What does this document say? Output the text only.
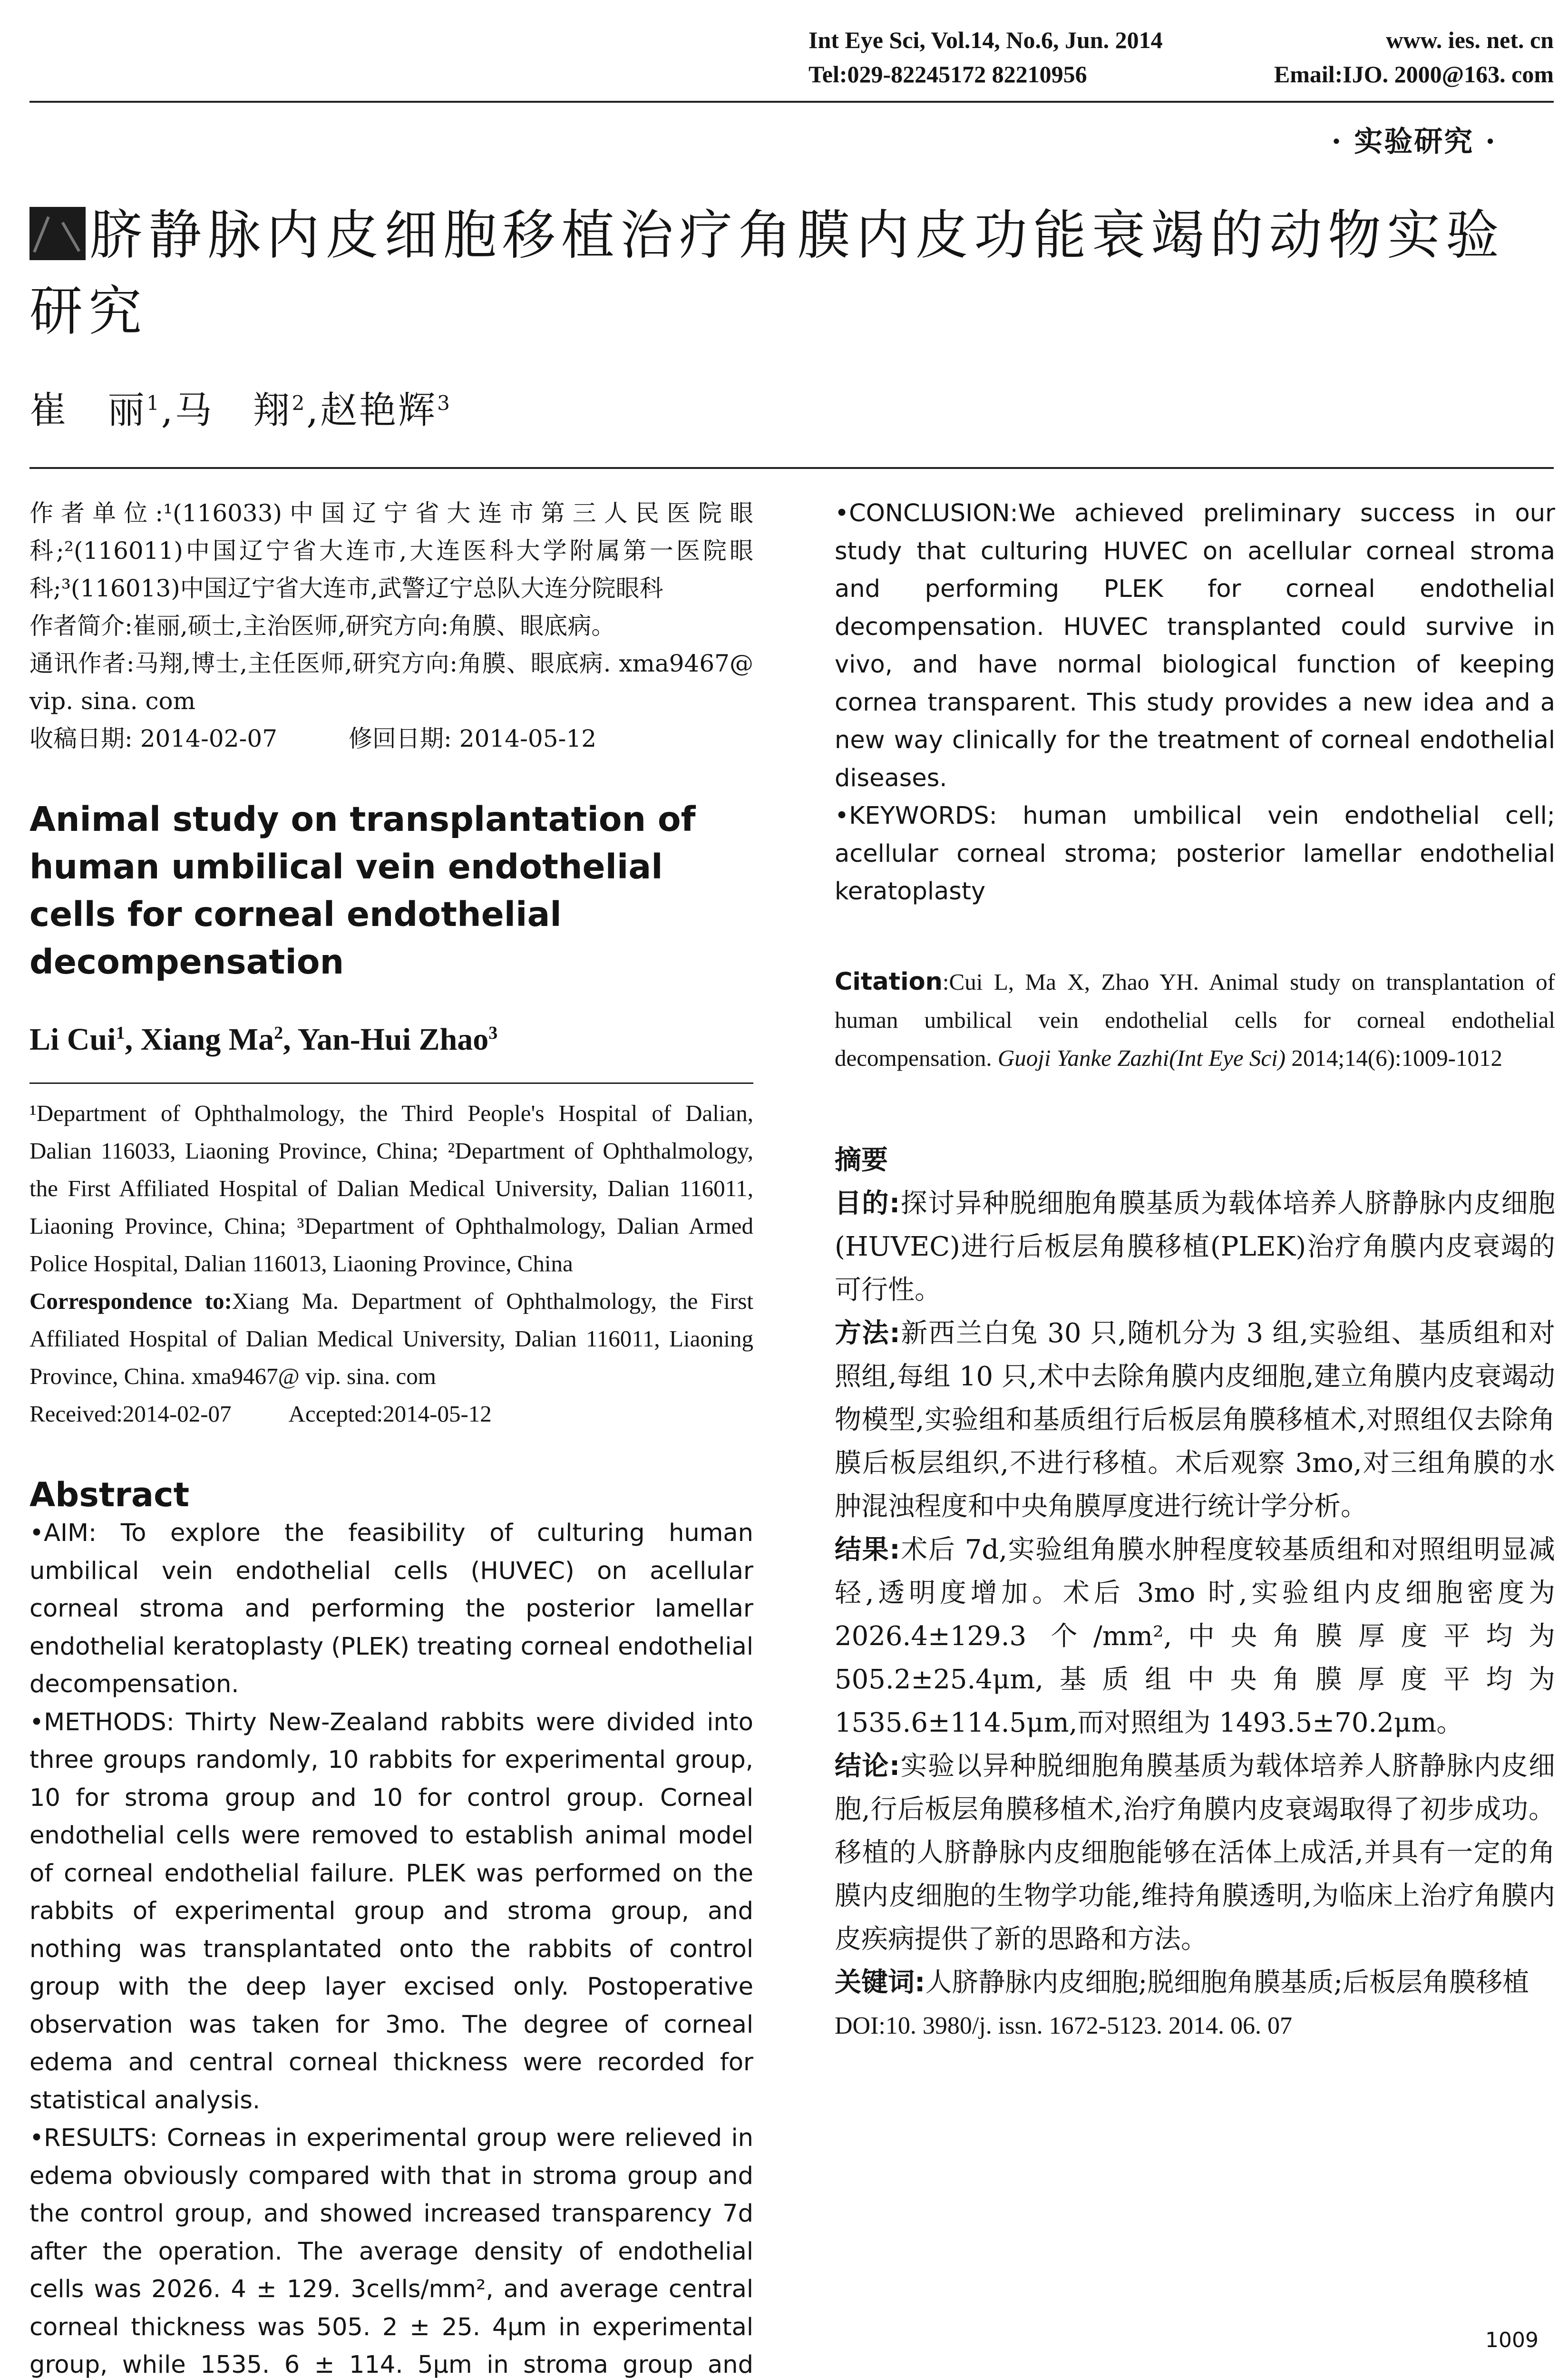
Int Eye Sci, Vol.14, No.6, Jun. 2014	www. ies. net. cn
Tel:029-82245172 82210956	Email:IJO. 2000@163. com
· 实验研究 ·
脐静脉内皮细胞移植治疗角膜内皮功能衰竭的动物实验研究
崔　丽$^1$,马　翔$^2$,赵艳辉$^3$

作者单位:¹(116033)中国辽宁省大连市第三人民医院眼科;²(116011)中国辽宁省大连市,大连医科大学附属第一医院眼科;³(116013)中国辽宁省大连市,武警辽宁总队大连分院眼科

作者简介:崔丽,硕士,主治医师,研究方向:角膜、眼底病。

通讯作者:马翔,博士,主任医师,研究方向:角膜、眼底病. xma9467@ vip. sina. com

收稿日期: 2014-02-07	修回日期: 2014-05-12

Animal study on transplantation of human umbilical vein endothelial cells for corneal endothelial decompensation
Li Cui$^1$, Xiang Ma$^2$, Yan-Hui Zhao$^3$

¹Department of Ophthalmology, the Third People's Hospital of Dalian, Dalian 116033, Liaoning Province, China; ²Department of Ophthalmology, the First Affiliated Hospital of Dalian Medical University, Dalian 116011, Liaoning Province, China; ³Department of Ophthalmology, Dalian Armed Police Hospital, Dalian 116013, Liaoning Province, China

Correspondence to:Xiang Ma. Department of Ophthalmology, the First Affiliated Hospital of Dalian Medical University, Dalian 116011, Liaoning Province, China. xma9467@ vip. sina. com

Received:2014-02-07 Accepted:2014-05-12

Abstract

• AIM: To explore the feasibility of culturing human umbilical vein endothelial cells (HUVEC) on acellular corneal stroma and performing the posterior lamellar endothelial keratoplasty (PLEK) treating corneal endothelial decompensation.

• METHODS: Thirty New-Zealand rabbits were divided into three groups randomly, 10 rabbits for experimental group, 10 for stroma group and 10 for control group. Corneal endothelial cells were removed to establish animal model of corneal endothelial failure. PLEK was performed on the rabbits of experimental group and stroma group, and nothing was transplantated onto the rabbits of control group with the deep layer excised only. Postoperative observation was taken for 3mo. The degree of corneal edema and central corneal thickness were recorded for statistical analysis.

• RESULTS: Corneas in experimental group were relieved in edema obviously compared with that in stroma group and the control group, and showed increased transparency 7d after the operation. The average density of endothelial cells was 2026. 4 ± 129. 3cells/mm², and average central corneal thickness was 505. 2 ± 25. 4μm in experimental group, while 1535. 6 ± 114. 5μm in stroma group and

• CONCLUSION:We achieved preliminary success in our study that culturing HUVEC on acellular corneal stroma and performing PLEK for corneal endothelial decompensation. HUVEC transplanted could survive in vivo, and have normal biological function of keeping cornea transparent. This study provides a new idea and a new way clinically for the treatment of corneal endothelial diseases.

• KEYWORDS: human umbilical vein endothelial cell; acellular corneal stroma; posterior lamellar endothelial keratoplasty

Citation:Cui L, Ma X, Zhao YH. Animal study on transplantation of human umbilical vein endothelial cells for corneal endothelial decompensation. Guoji Yanke Zazhi(Int Eye Sci) 2014;14(6):1009-1012
摘要

目的:探讨异种脱细胞角膜基质为载体培养人脐静脉内皮细胞(HUVEC)进行后板层角膜移植(PLEK)治疗角膜内皮衰竭的可行性。

方法:新西兰白兔 30 只,随机分为 3 组,实验组、基质组和对照组,每组 10 只,术中去除角膜内皮细胞,建立角膜内皮衰竭动物模型,实验组和基质组行后板层角膜移植术,对照组仅去除角膜后板层组织,不进行移植。术后观察 3mo,对三组角膜的水肿混浊程度和中央角膜厚度进行统计学分析。

结果:术后 7d,实验组角膜水肿程度较基质组和对照组明显减轻,透明度增加。术后 3mo 时,实验组内皮细胞密度为 2026.4±129.3 个/mm²,中央角膜厚度平均为 505.2±25.4μm,基质组中央角膜厚度平均为 1535.6±114.5μm,而对照组为 1493.5±70.2μm。

结论:实验以异种脱细胞角膜基质为载体培养人脐静脉内皮细胞,行后板层角膜移植术,治疗角膜内皮衰竭取得了初步成功。移植的人脐静脉内皮细胞能够在活体上成活,并具有一定的角膜内皮细胞的生物学功能,维持角膜透明,为临床上治疗角膜内皮疾病提供了新的思路和方法。

关键词:人脐静脉内皮细胞;脱细胞角膜基质;后板层角膜移植

DOI:10. 3980/j. issn. 1672-5123. 2014. 06. 07

1009
